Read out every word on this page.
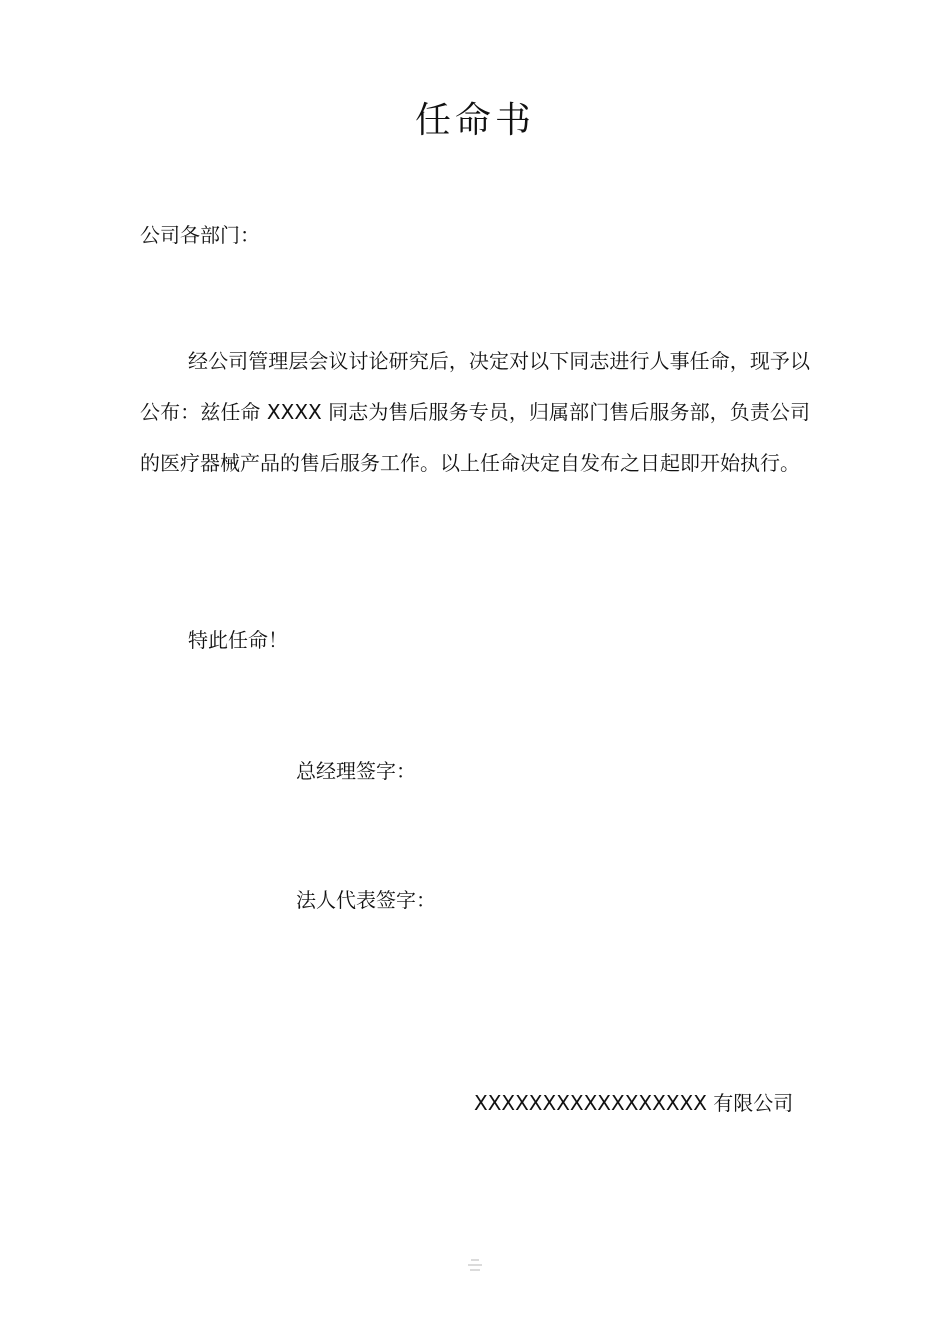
任命书
公司各部门：
经公司管理层会议讨论研究后，决定对以下同志进行人事任命，现予以公布：兹任命 XXXX 同志为售后服务专员，归属部门售后服务部，负责公司的医疗器械产品的售后服务工作。以上任命决定自发布之日起即开始执行。
特此任命！
总经理签字：
法人代表签字：
XXXXXXXXXXXXXXXXX 有限公司
